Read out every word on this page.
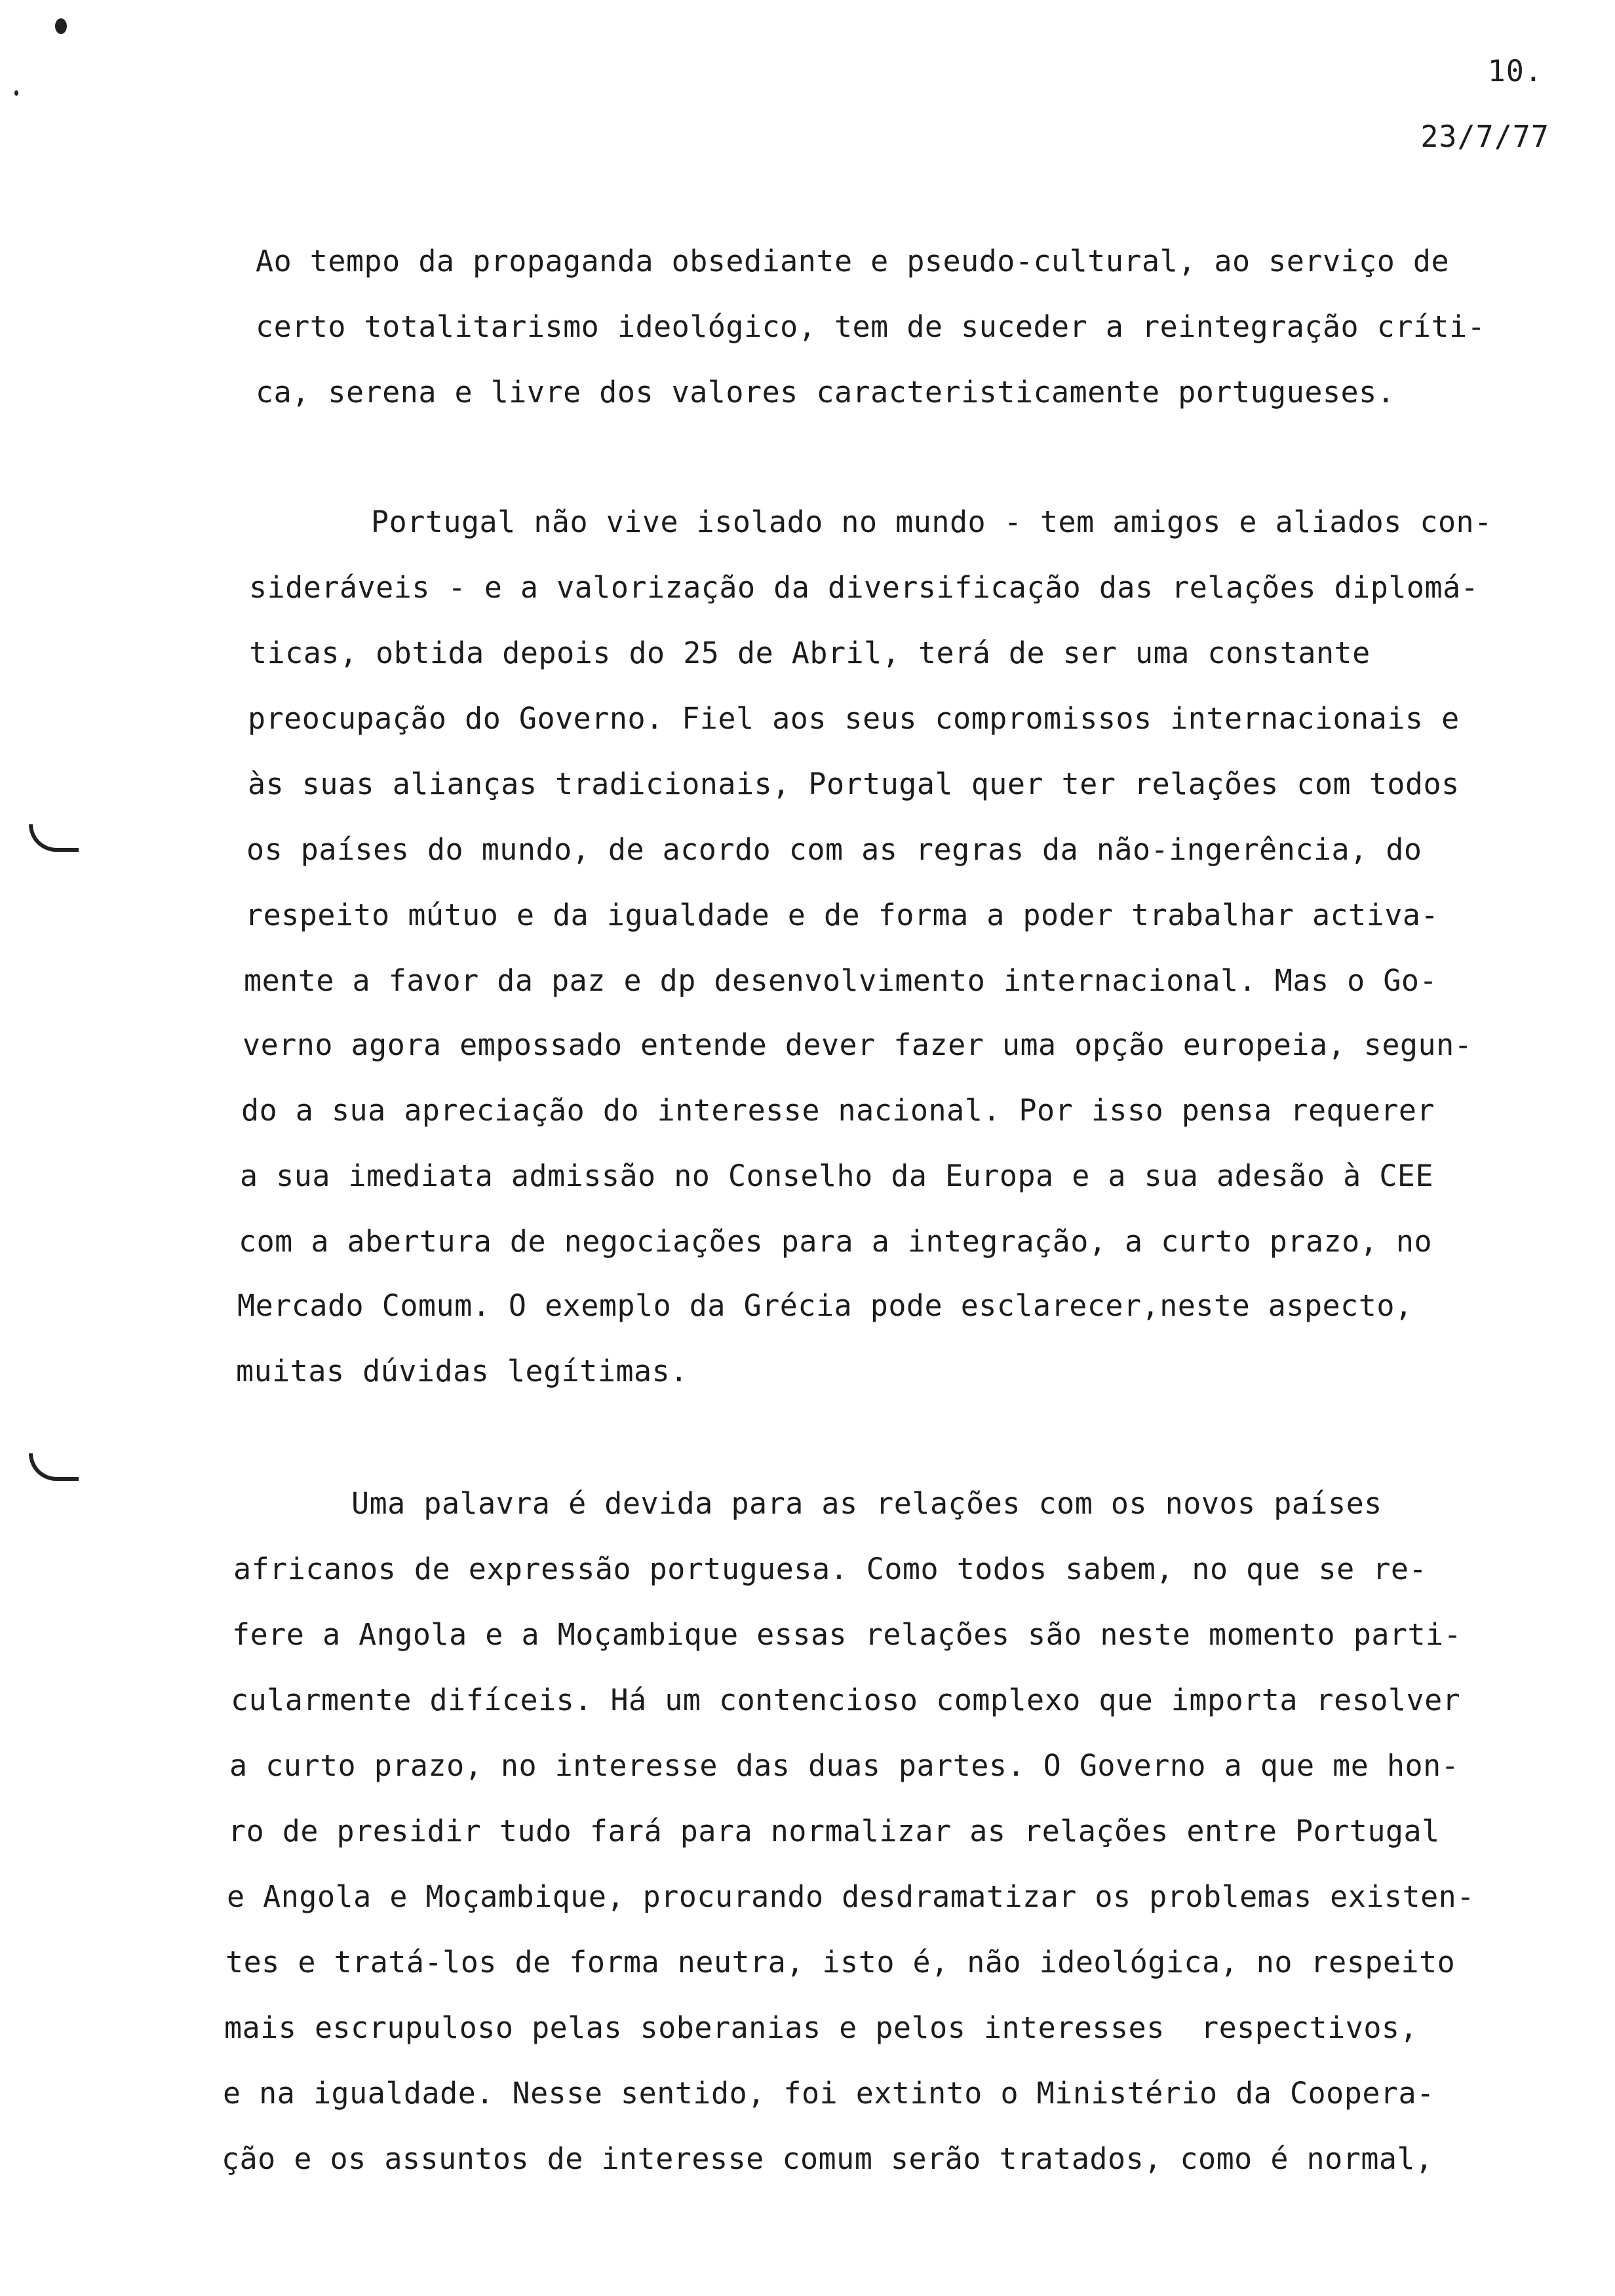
10.
23/7/77
Ao tempo da propaganda obsediante e pseudo-cultural, ao serviço de
certo totalitarismo ideológico, tem de suceder a reintegração críti-
ca, serena e livre dos valores caracteristicamente portugueses.
Portugal não vive isolado no mundo - tem amigos e aliados con-
sideráveis - e a valorização da diversificação das relações diplomá-
ticas, obtida depois do 25 de Abril, terá de ser uma constante
preocupação do Governo. Fiel aos seus compromissos internacionais e
às suas alianças tradicionais, Portugal quer ter relações com todos
os países do mundo, de acordo com as regras da não-ingerência, do
respeito mútuo e da igualdade e de forma a poder trabalhar activa-
mente a favor da paz e dp desenvolvimento internacional. Mas o Go-
verno agora empossado entende dever fazer uma opção europeia, segun-
do a sua apreciação do interesse nacional. Por isso pensa requerer
a sua imediata admissão no Conselho da Europa e a sua adesão à CEE
com a abertura de negociações para a integração, a curto prazo, no
Mercado Comum. O exemplo da Grécia pode esclarecer,neste aspecto,
muitas dúvidas legítimas.
Uma palavra é devida para as relações com os novos países
africanos de expressão portuguesa. Como todos sabem, no que se re-
fere a Angola e a Moçambique essas relações são neste momento parti-
cularmente difíceis. Há um contencioso complexo que importa resolver
a curto prazo, no interesse das duas partes. O Governo a que me hon-
ro de presidir tudo fará para normalizar as relações entre Portugal
e Angola e Moçambique, procurando desdramatizar os problemas existen-
tes e tratá-los de forma neutra, isto é, não ideológica, no respeito
mais escrupuloso pelas soberanias e pelos interesses  respectivos,
e na igualdade. Nesse sentido, foi extinto o Ministério da Coopera-
ção e os assuntos de interesse comum serão tratados, como é normal,
